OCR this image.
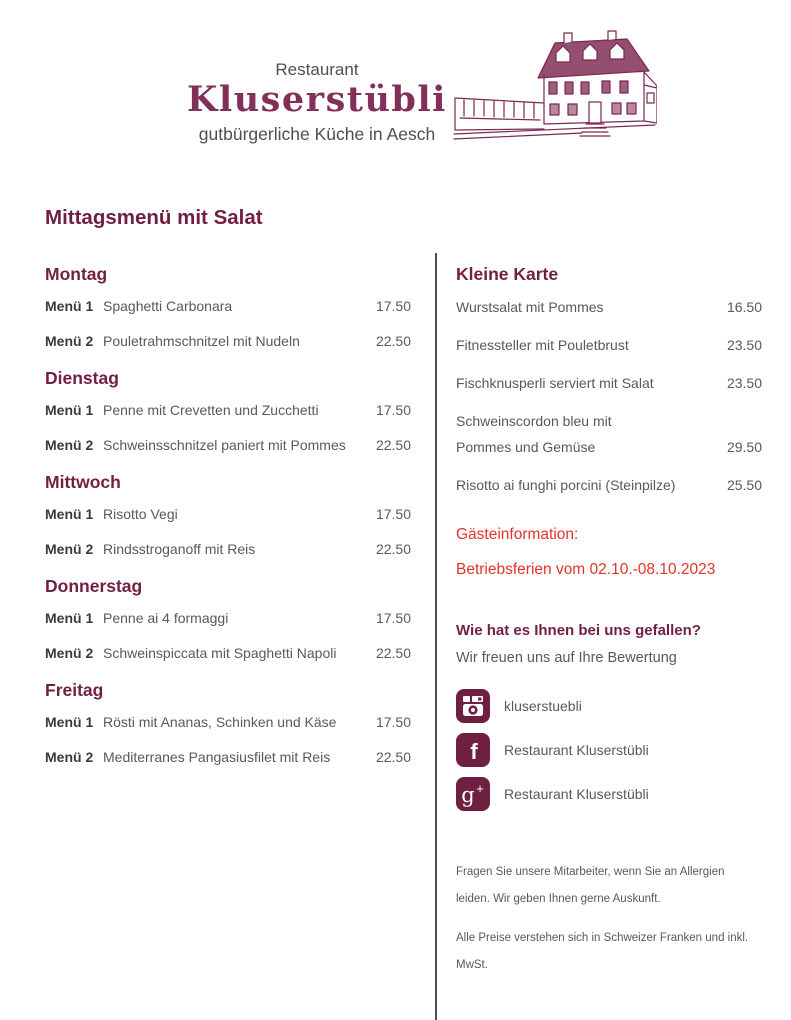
Restaurant
Kluserstübli
gutbürgerliche Küche in Aesch
Mittagsmenü mit Salat
Montag
Menü 1 Spaghetti Carbonara	17.50
Menü 2 Pouletrahmschnitzel mit Nudeln	22.50
Dienstag
Menü 1 Penne mit Crevetten und Zucchetti	17.50
Menü 2 Schweinsschnitzel paniert mit Pommes	22.50
Mittwoch
Menü 1 Risotto Vegi	17.50
Menü 2 Rindsstroganoff mit Reis	22.50
Donnerstag
Menü 1 Penne ai 4 formaggi	17.50
Menü 2 Schweinspiccata mit Spaghetti Napoli	22.50
Freitag
Menü 1 Rösti mit Ananas, Schinken und Käse	17.50
Menü 2 Mediterranes Pangasiusfilet mit Reis	22.50
Kleine Karte
Wurstsalat mit Pommes	16.50
Fitnessteller mit Pouletbrust	23.50
Fischknusperli serviert mit Salat	23.50
Schweinscordon bleu mit
Pommes und Gemüse	29.50
Risotto ai funghi porcini (Steinpilze)	25.50
Gästeinformation:
Betriebsferien vom 02.10.-08.10.2023
Wie hat es Ihnen bei uns gefallen?
Wir freuen uns auf Ihre Bewertung
kluserstuebli
f Restaurant Kluserstübli
g + Restaurant Kluserstübli

Fragen Sie unsere Mitarbeiter, wenn Sie an Allergien leiden. Wir geben Ihnen gerne Auskunft.

Alle Preise verstehen sich in Schweizer Franken und inkl. MwSt.
